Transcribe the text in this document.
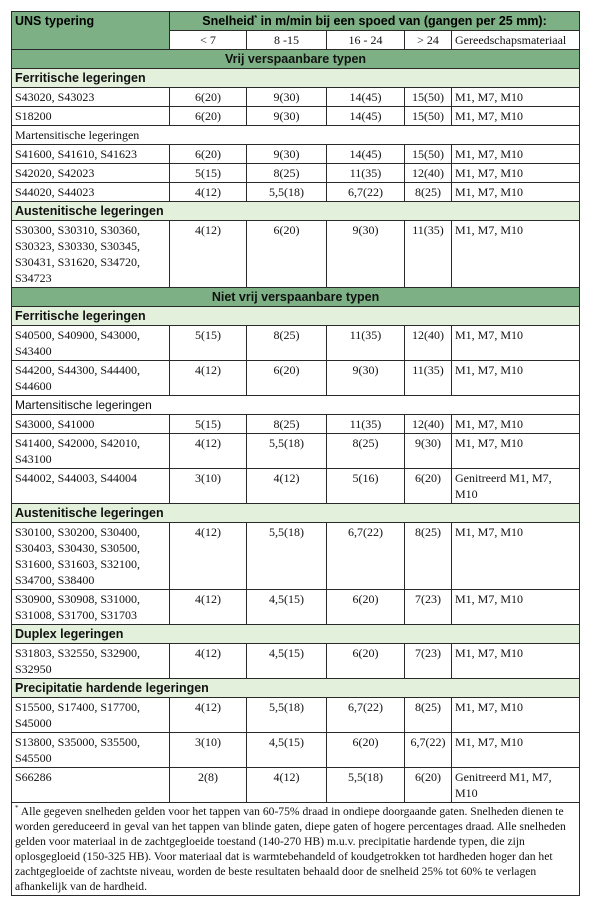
UNS typering	Snelheid* in m/min bij een spoed van (gangen per 25 mm):				
	< 7	8 -15	16 - 24	> 24	Gereedschapsmateriaal
Vrij verspaanbare typen					
Ferritische legeringen					
S43020, S43023	6(20)	9(30)	14(45)	15(50)	M1, M7, M10
S18200	6(20)	9(30)	14(45)	15(50)	M1, M7, M10
Martensitische legeringen					
S41600, S41610, S41623	6(20)	9(30)	14(45)	15(50)	M1, M7, M10
S42020, S42023	5(15)	8(25)	11(35)	12(40)	M1, M7, M10
S44020, S44023	4(12)	5,5(18)	6,7(22)	8(25)	M1, M7, M10
Austenitische legeringen					
S30300, S30310, S30360, S30323, S30330, S30345, S30431, S31620, S34720, S34723	4(12)	6(20)	9(30)	11(35)	M1, M7, M10
Niet vrij verspaanbare typen					
Ferritische legeringen					
S40500, S40900, S43000, S43400	5(15)	8(25)	11(35)	12(40)	M1, M7, M10
S44200, S44300, S44400, S44600	4(12)	6(20)	9(30)	11(35)	M1, M7, M10
Martensitische legeringen					
S43000, S41000	5(15)	8(25)	11(35)	12(40)	M1, M7, M10
S41400, S42000, S42010, S43100	4(12)	5,5(18)	8(25)	9(30)	M1, M7, M10
S44002, S44003, S44004	3(10)	4(12)	5(16)	6(20)	Genitreerd M1, M7, M10
Austenitische legeringen					
S30100, S30200, S30400, S30403, S30430, S30500, S31600, S31603, S32100, S34700, S38400	4(12)	5,5(18)	6,7(22)	8(25)	M1, M7, M10
S30900, S30908, S31000, S31008, S31700, S31703	4(12)	4,5(15)	6(20)	7(23)	M1, M7, M10
Duplex legeringen					
S31803, S32550, S32900, S32950	4(12)	4,5(15)	6(20)	7(23)	M1, M7, M10
Precipitatie hardende legeringen					
S15500, S17400, S17700, S45000	4(12)	5,5(18)	6,7(22)	8(25)	M1, M7, M10
S13800, S35000, S35500, S45500	3(10)	4,5(15)	6(20)	6,7(22)	M1, M7, M10
S66286	2(8)	4(12)	5,5(18)	6(20)	Genitreerd M1, M7, M10
* Alle gegeven snelheden gelden voor het tappen van 60-75% draad in ondiepe doorgaande gaten. Snelheden dienen te worden gereduceerd in geval van het tappen van blinde gaten, diepe gaten of hogere percentages draad. Alle snelheden gelden voor materiaal in de zachtgegloeide toestand (140-270 HB) m.u.v. precipitatie hardende typen, die zijn oplosgegloeid (150-325 HB). Voor materiaal dat is warmtebehandeld of koudgetrokken tot hardheden hoger dan het zachtgegloeide of zachtste niveau, worden de beste resultaten behaald door de snelheid 25% tot 60% te verlagen afhankelijk van de hardheid.					
